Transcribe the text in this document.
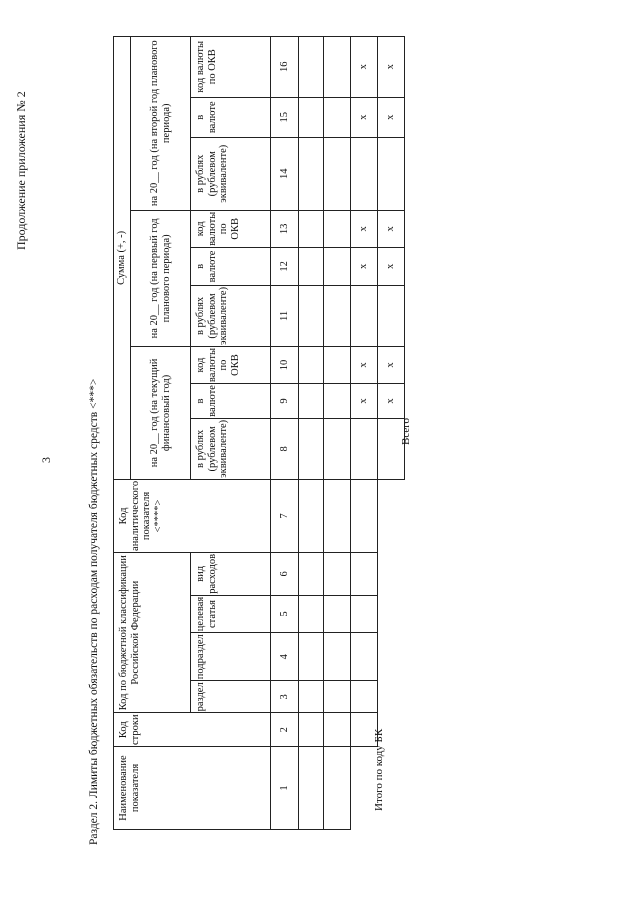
3
Продолжение приложения № 2
Раздел 2. Лимиты бюджетных обязательств по расходам получателя бюджетных средств <***> Наименование показателя	Код строки	Код по бюджетной классификации Российской Федерации				Код аналитического показателя <****>	Сумма (+, -)								
							на 20__ год (на текущий финансовый год)			на 20__ год (на первый год планового периода)			на 20__ год (на второй год планового периода)		
		раздел	подраздел	целевая статья	вид расходов		в рублях (рублевом эквиваленте)	в валюте	код валюты по ОКВ	в рублях (рублевом эквиваленте)	в валюте	код валюты по ОКВ	в рублях (рублевом эквиваленте)	в валюте	код валюты по ОКВ
1	2	3	4	5	6	7	8	9	10	11	12	13	14	15	16

								x	x		x	x		x	x
								x	x		x	x		x	x
Итого по коду БК
Всего
